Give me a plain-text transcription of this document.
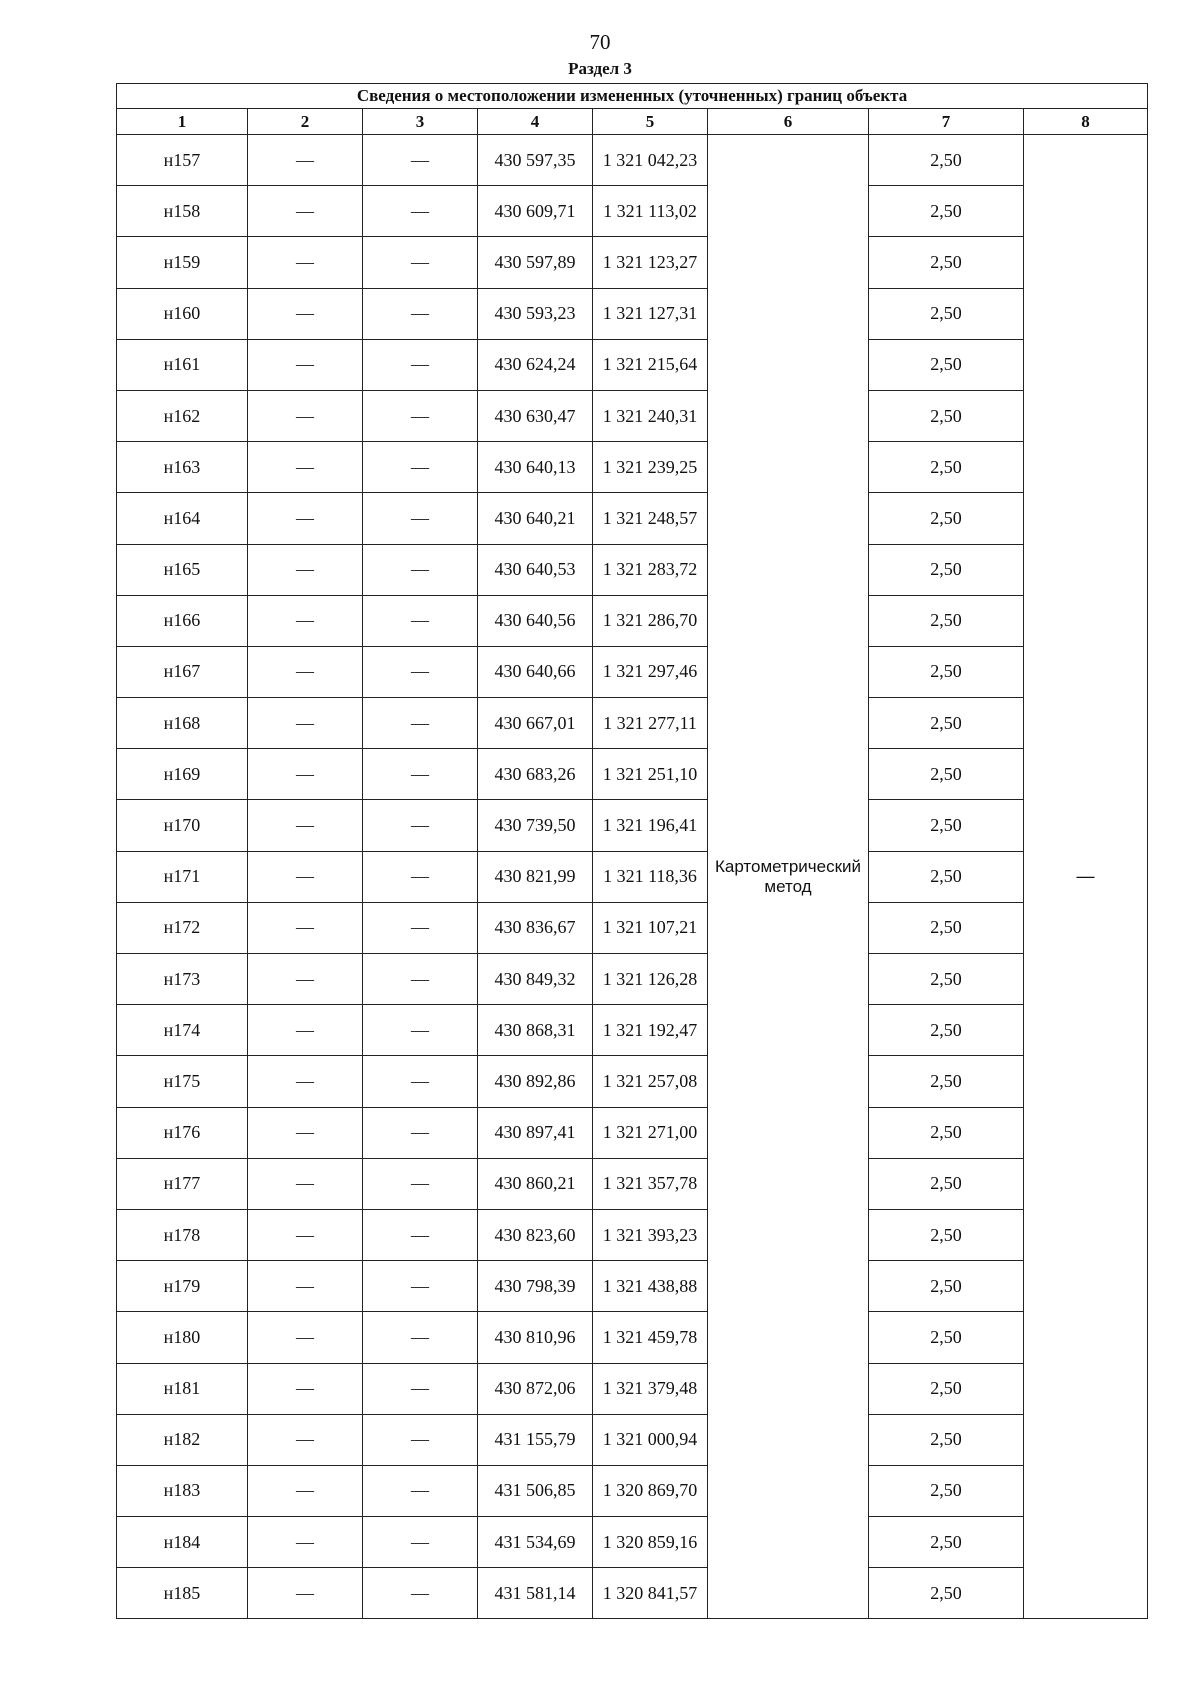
70
Раздел 3
Сведения о местоположении измененных (уточненных) границ объекта							
1	2	3	4	5	6	7	8
н157	—	—	430 597,35	1 321 042,23	Картометрический метод	2,50	—
н158	—	—	430 609,71	1 321 113,02		2,50	
н159	—	—	430 597,89	1 321 123,27		2,50	
н160	—	—	430 593,23	1 321 127,31		2,50	
н161	—	—	430 624,24	1 321 215,64		2,50	
н162	—	—	430 630,47	1 321 240,31		2,50	
н163	—	—	430 640,13	1 321 239,25		2,50	
н164	—	—	430 640,21	1 321 248,57		2,50	
н165	—	—	430 640,53	1 321 283,72		2,50	
н166	—	—	430 640,56	1 321 286,70		2,50	
н167	—	—	430 640,66	1 321 297,46		2,50	
н168	—	—	430 667,01	1 321 277,11		2,50	
н169	—	—	430 683,26	1 321 251,10		2,50	
н170	—	—	430 739,50	1 321 196,41		2,50	
н171	—	—	430 821,99	1 321 118,36		2,50	
н172	—	—	430 836,67	1 321 107,21		2,50	
н173	—	—	430 849,32	1 321 126,28		2,50	
н174	—	—	430 868,31	1 321 192,47		2,50	
н175	—	—	430 892,86	1 321 257,08		2,50	
н176	—	—	430 897,41	1 321 271,00		2,50	
н177	—	—	430 860,21	1 321 357,78		2,50	
н178	—	—	430 823,60	1 321 393,23		2,50	
н179	—	—	430 798,39	1 321 438,88		2,50	
н180	—	—	430 810,96	1 321 459,78		2,50	
н181	—	—	430 872,06	1 321 379,48		2,50	
н182	—	—	431 155,79	1 321 000,94		2,50	
н183	—	—	431 506,85	1 320 869,70		2,50	
н184	—	—	431 534,69	1 320 859,16		2,50	
н185	—	—	431 581,14	1 320 841,57		2,50	
